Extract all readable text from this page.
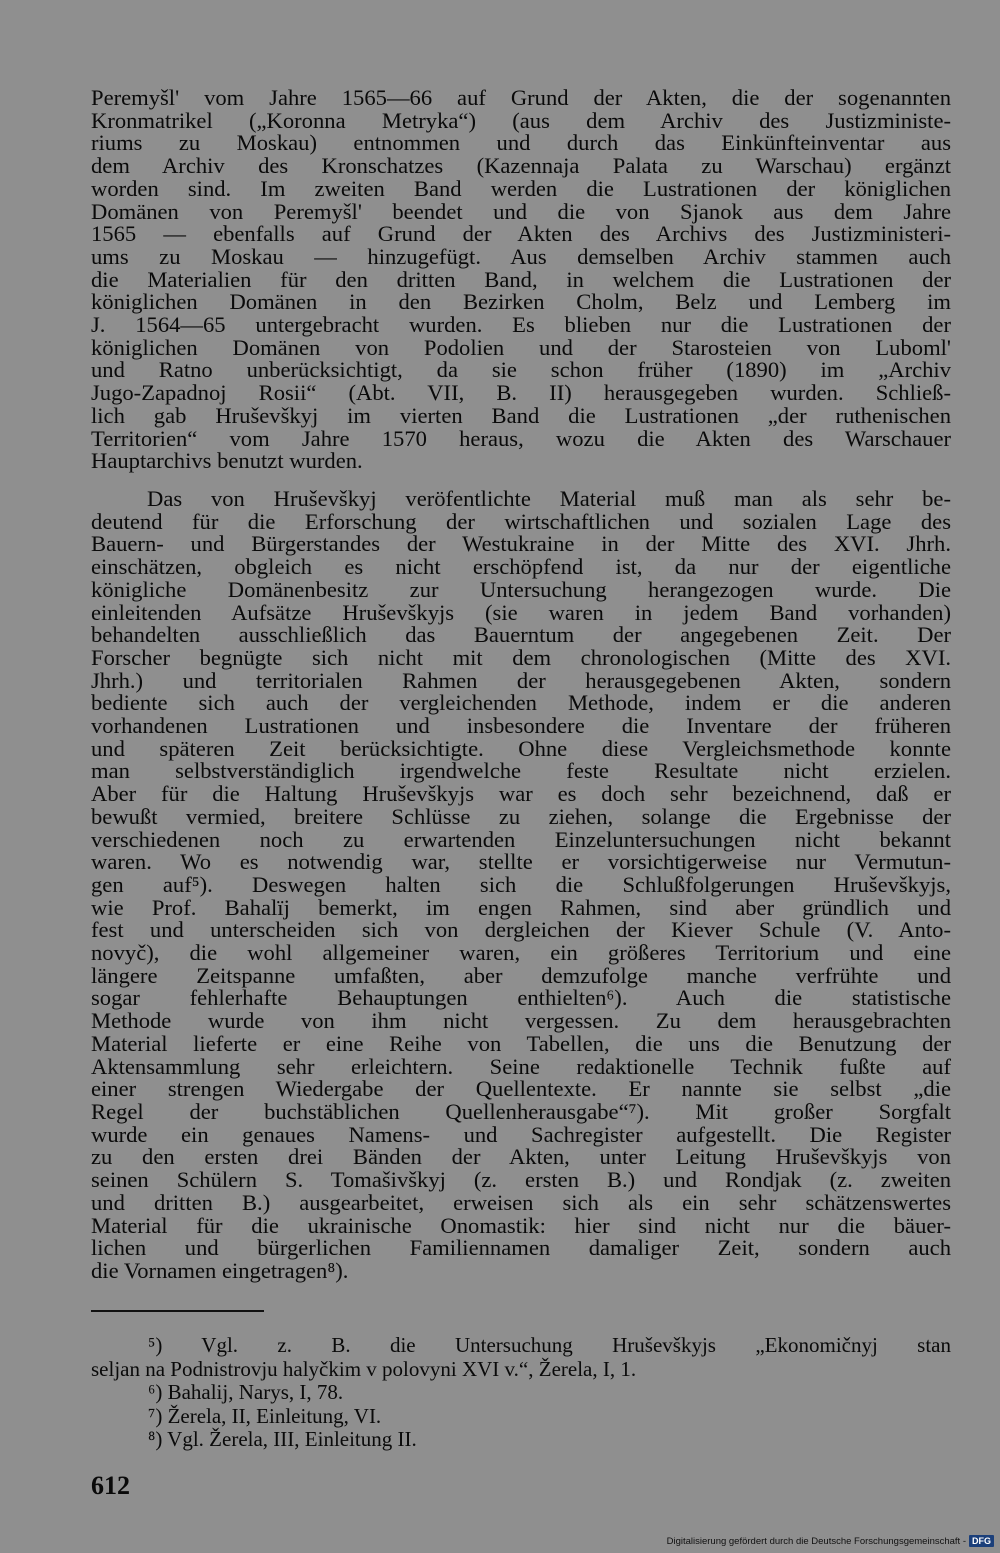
Peremyšl' vom Jahre 1565—66 auf Grund der Akten, die der sogenannten
Kronmatrikel („Koronna Metryka“) (aus dem Archiv des Justizministe-
riums zu Moskau) entnommen und durch das Einkünfteinventar aus
dem Archiv des Kronschatzes (Kazennaja Palata zu Warschau) ergänzt
worden sind. Im zweiten Band werden die Lustrationen der königlichen
Domänen von Peremyšl' beendet und die von Sjanok aus dem Jahre
1565 — ebenfalls auf Grund der Akten des Archivs des Justizministeri-
ums zu Moskau — hinzugefügt. Aus demselben Archiv stammen auch
die Materialien für den dritten Band, in welchem die Lustrationen der
königlichen Domänen in den Bezirken Cholm, Belz und Lemberg im
J. 1564—65 untergebracht wurden. Es blieben nur die Lustrationen der
königlichen Domänen von Podolien und der Starosteien von Luboml'
und Ratno unberücksichtigt, da sie schon früher (1890) im „Archiv
Jugo-Zapadnoj Rosii“ (Abt. VII, B. II) herausgegeben wurden. Schließ-
lich gab Hruševškyj im vierten Band die Lustrationen „der ruthenischen
Territorien“ vom Jahre 1570 heraus, wozu die Akten des Warschauer
Hauptarchivs benutzt wurden.
Das von Hruševškyj veröfentlichte Material muß man als sehr be-
deutend für die Erforschung der wirtschaftlichen und sozialen Lage des
Bauern- und Bürgerstandes der Westukraine in der Mitte des XVI. Jhrh.
einschätzen, obgleich es nicht erschöpfend ist, da nur der eigentliche
königliche Domänenbesitz zur Untersuchung herangezogen wurde. Die
einleitenden Aufsätze Hruševškyjs (sie waren in jedem Band vorhanden)
behandelten ausschließlich das Bauerntum der angegebenen Zeit. Der
Forscher begnügte sich nicht mit dem chronologischen (Mitte des XVI.
Jhrh.) und territorialen Rahmen der herausgegebenen Akten, sondern
bediente sich auch der vergleichenden Methode, indem er die anderen
vorhandenen Lustrationen und insbesondere die Inventare der früheren
und späteren Zeit berücksichtigte. Ohne diese Vergleichsmethode konnte
man selbstverständiglich irgendwelche feste Resultate nicht erzielen.
Aber für die Haltung Hruševškyjs war es doch sehr bezeichnend, daß er
bewußt vermied, breitere Schlüsse zu ziehen, solange die Ergebnisse der
verschiedenen noch zu erwartenden Einzeluntersuchungen nicht bekannt
waren. Wo es notwendig war, stellte er vorsichtigerweise nur Vermutun-
gen auf⁵). Deswegen halten sich die Schlußfolgerungen Hruševškyjs,
wie Prof. Bahalïj bemerkt, im engen Rahmen, sind aber gründlich und
fest und unterscheiden sich von dergleichen der Kiever Schule (V. Anto-
novyč), die wohl allgemeiner waren, ein größeres Territorium und eine
längere Zeitspanne umfaßten, aber demzufolge manche verfrühte und
sogar fehlerhafte Behauptungen enthielten⁶). Auch die statistische
Methode wurde von ihm nicht vergessen. Zu dem herausgebrachten
Material lieferte er eine Reihe von Tabellen, die uns die Benutzung der
Aktensammlung sehr erleichtern. Seine redaktionelle Technik fußte auf
einer strengen Wiedergabe der Quellentexte. Er nannte sie selbst „die
Regel der buchstäblichen Quellenherausgabe“⁷). Mit großer Sorgfalt
wurde ein genaues Namens- und Sachregister aufgestellt. Die Register
zu den ersten drei Bänden der Akten, unter Leitung Hruševškyjs von
seinen Schülern S. Tomašivškyj (z. ersten B.) und Rondjak (z. zweiten
und dritten B.) ausgearbeitet, erweisen sich als ein sehr schätzenswertes
Material für die ukrainische Onomastik: hier sind nicht nur die bäuer-
lichen und bürgerlichen Familiennamen damaliger Zeit, sondern auch
die Vornamen eingetragen⁸).
⁵) Vgl. z. B. die Untersuchung Hruševškyjs „Ekonomičnyj stan
seljan na Podnistrovju halyčkim v polovyni XVI v.“, Žerela, I, 1.
⁶) Bahalij, Narys, I, 78.
⁷) Žerela, II, Einleitung, VI.
⁸) Vgl. Žerela, III, Einleitung II.
612
Digitalisierung gefördert durch die Deutsche Forschungsgemeinschaft - DFG
